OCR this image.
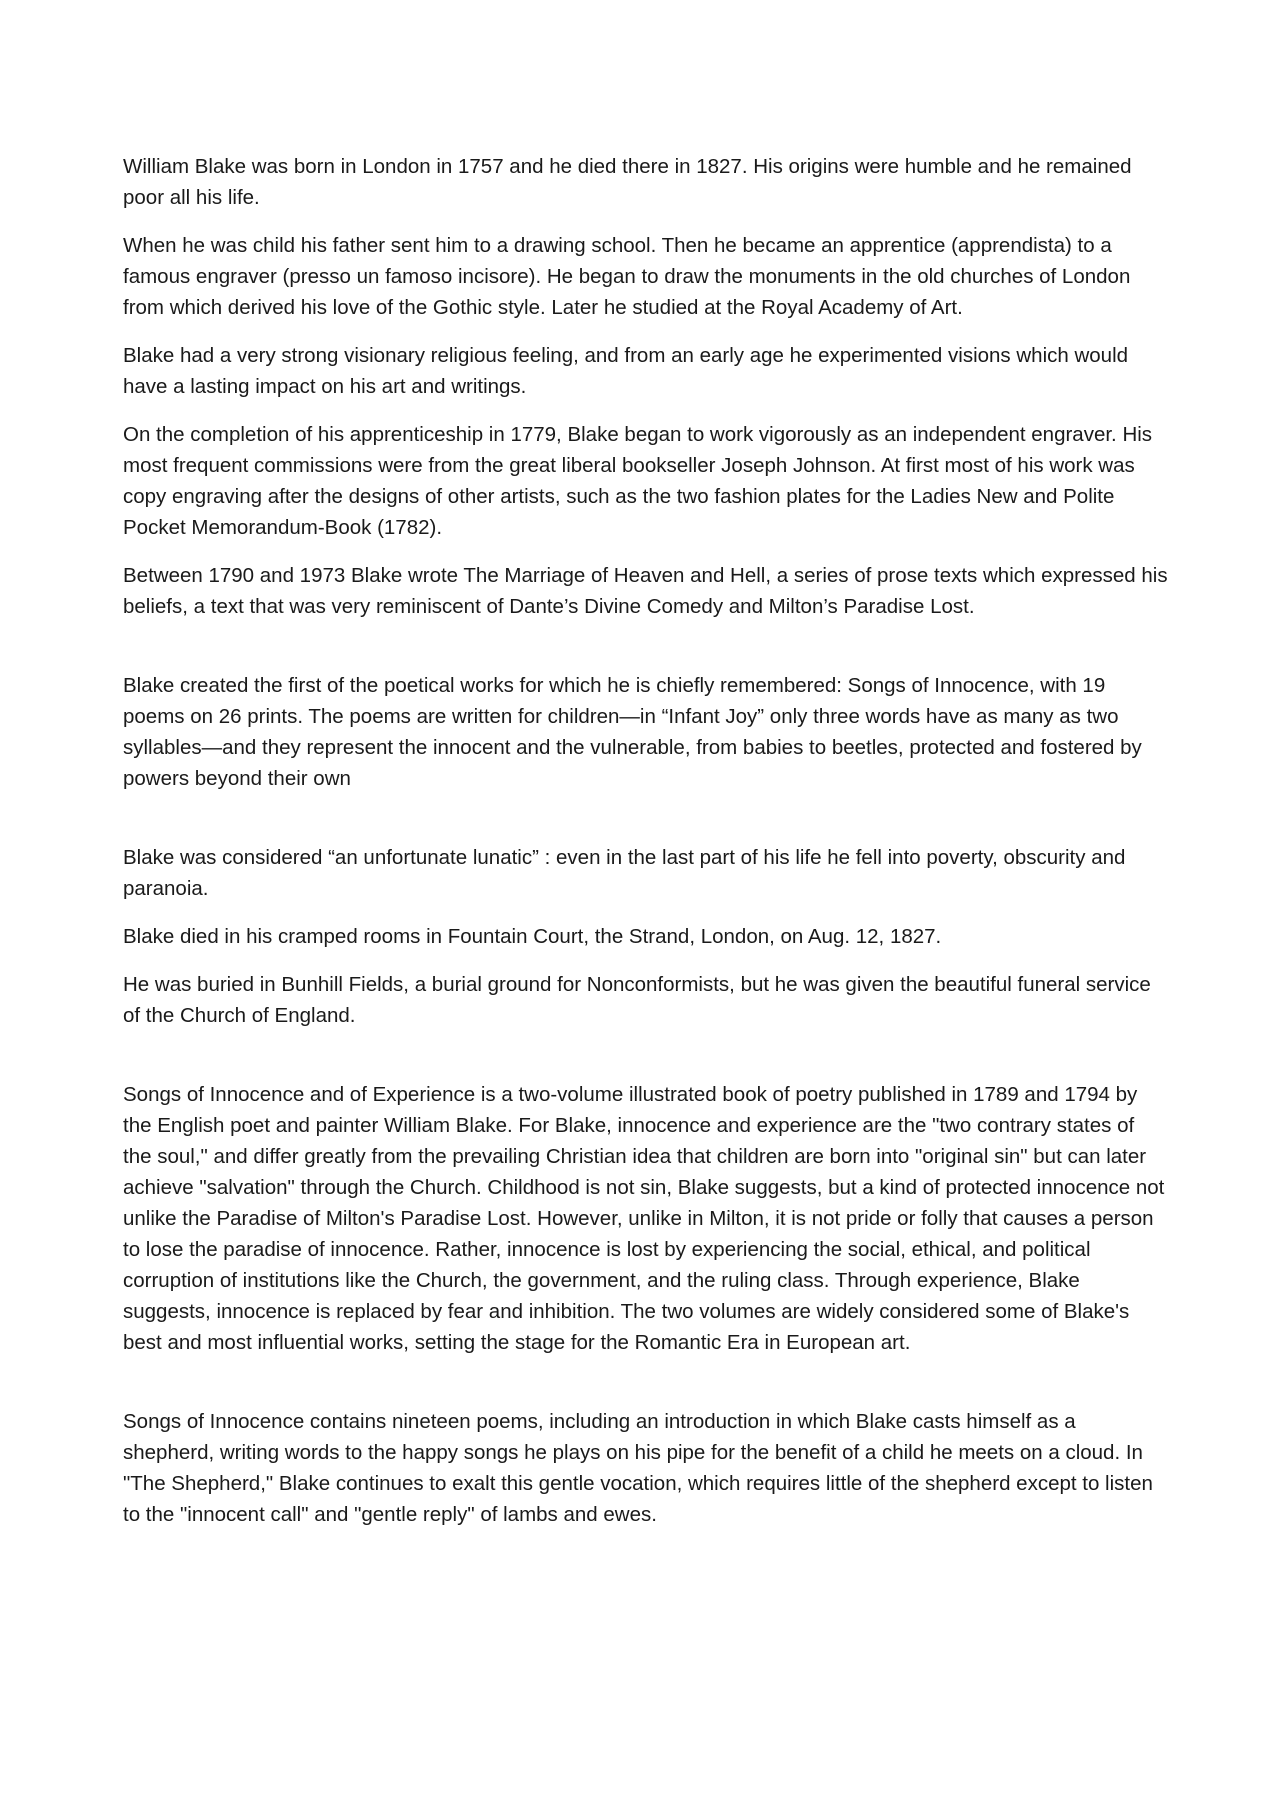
William Blake was born in London in 1757 and he died there in 1827. His origins were humble and he remained poor all his life.

When he was child his father sent him to a drawing school. Then he became an apprentice (apprendista) to a famous engraver (presso un famoso incisore). He began to draw the monuments in the old churches of London from which derived his love of the Gothic style. Later he studied at the Royal Academy of Art.

Blake had a very strong visionary religious feeling, and from an early age he experimented visions which would have a lasting impact on his art and writings.

On the completion of his apprenticeship in 1779, Blake began to work vigorously as an independent engraver. His most frequent commissions were from the great liberal bookseller Joseph Johnson. At first most of his work was copy engraving after the designs of other artists, such as the two fashion plates for the Ladies New and Polite Pocket Memorandum-Book (1782).

Between 1790 and 1973 Blake wrote The Marriage of Heaven and Hell, a series of prose texts which expressed his beliefs, a text that was very reminiscent of Dante’s Divine Comedy and Milton’s Paradise Lost.

Blake created the first of the poetical works for which he is chiefly remembered: Songs of Innocence, with 19 poems on 26 prints. The poems are written for children—in “Infant Joy” only three words have as many as two syllables—and they represent the innocent and the vulnerable, from babies to beetles, protected and fostered by powers beyond their own

Blake was considered “an unfortunate lunatic” : even in the last part of his life he fell into poverty, obscurity and paranoia.

Blake died in his cramped rooms in Fountain Court, the Strand, London, on Aug. 12, 1827.

He was buried in Bunhill Fields, a burial ground for Nonconformists, but he was given the beautiful funeral service of the Church of England.

Songs of Innocence and of Experience is a two-volume illustrated book of poetry published in 1789 and 1794 by the English poet and painter William Blake. For Blake, innocence and experience are the "two contrary states of the soul," and differ greatly from the prevailing Christian idea that children are born into "original sin" but can later achieve "salvation" through the Church. Childhood is not sin, Blake suggests, but a kind of protected innocence not unlike the Paradise of Milton's Paradise Lost. However, unlike in Milton, it is not pride or folly that causes a person to lose the paradise of innocence. Rather, innocence is lost by experiencing the social, ethical, and political corruption of institutions like the Church, the government, and the ruling class. Through experience, Blake suggests, innocence is replaced by fear and inhibition. The two volumes are widely considered some of Blake's best and most influential works, setting the stage for the Romantic Era in European art.

Songs of Innocence contains nineteen poems, including an introduction in which Blake casts himself as a shepherd, writing words to the happy songs he plays on his pipe for the benefit of a child he meets on a cloud. In "The Shepherd," Blake continues to exalt this gentle vocation, which requires little of the shepherd except to listen to the "innocent call" and "gentle reply" of lambs and ewes.
